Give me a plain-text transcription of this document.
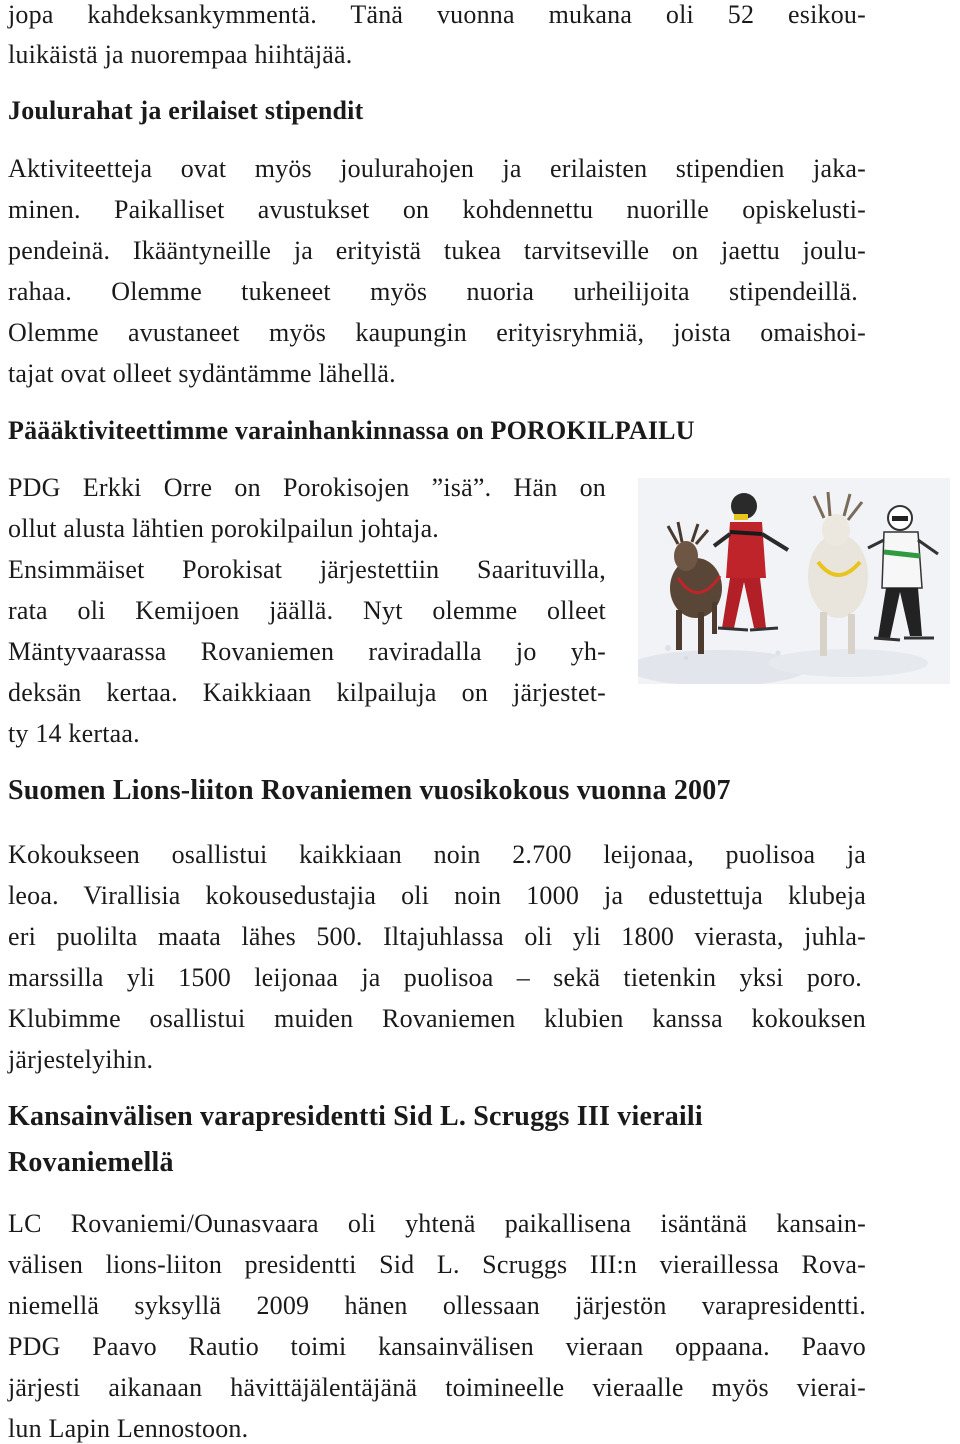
jopa kahdeksankymmentä. Tänä vuonna mukana oli 52 esikou-
luikäistä ja nuorempaa hiihtäjää.
Joulurahat ja erilaiset stipendit
Aktiviteetteja ovat myös joulurahojen ja erilaisten stipendien jaka-
minen. Paikalliset avustukset on kohdennettu nuorille opiskelusti-
pendeinä. Ikääntyneille ja erityistä tukea tarvitseville on jaettu joulu-
rahaa. Olemme tukeneet myös nuoria urheilijoita stipendeillä.
Olemme avustaneet myös kaupungin erityisryhmiä, joista omaishoi-
tajat ovat olleet sydäntämme lähellä.
Päääktiviteettimme varainhankinnassa on POROKILPAILU
PDG Erkki Orre on Porokisojen ”isä”. Hän on
ollut alusta lähtien porokilpailun johtaja.
Ensimmäiset Porokisat järjestettiin Saarituvilla,
rata oli Kemijoen jäällä. Nyt olemme olleet
Mäntyvaarassa Rovaniemen raviradalla jo yh-
deksän kertaa. Kaikkiaan kilpailuja on järjestet-
ty 14 kertaa.
Suomen Lions-liiton Rovaniemen vuosikokous vuonna 2007
Kokoukseen osallistui kaikkiaan noin 2.700 leijonaa, puolisoa ja
leoa. Virallisia kokousedustajia oli noin 1000 ja edustettuja klubeja
eri puolilta maata lähes 500. Iltajuhlassa oli yli 1800 vierasta, juhla-
marssilla yli 1500 leijonaa ja puolisoa – sekä tietenkin yksi poro.
Klubimme osallistui muiden Rovaniemen klubien kanssa kokouksen
järjestelyihin.
Kansainvälisen varapresidentti Sid L. Scruggs III vieraili
Rovaniemellä
LC Rovaniemi/Ounasvaara oli yhtenä paikallisena isäntänä kansain-
välisen lions-liiton presidentti Sid L. Scruggs III:n vieraillessa Rova-
niemellä syksyllä 2009 hänen ollessaan järjestön varapresidentti.
PDG Paavo Rautio toimi kansainvälisen vieraan oppaana. Paavo
järjesti aikanaan hävittäjälentäjänä toimineelle vieraalle myös vierai-
lun Lapin Lennostoon.
